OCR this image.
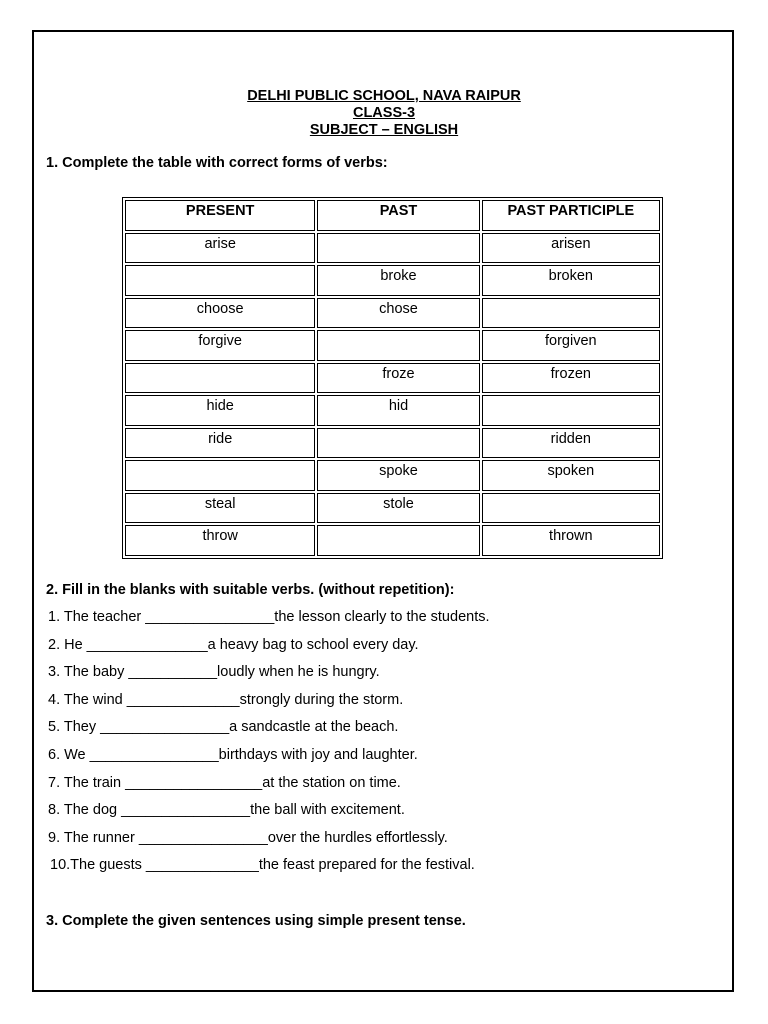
DELHI PUBLIC SCHOOL, NAVA RAIPUR
CLASS-3
SUBJECT – ENGLISH
1. Complete the table with correct forms of verbs:
PRESENT	PAST	PAST PARTICIPLE
arise		arisen
	broke	broken
choose	chose	
forgive		forgiven
	froze	frozen
hide	hid	
ride		ridden
	spoke	spoken
steal	stole	
throw		thrown
2. Fill in the blanks with suitable verbs. (without repetition):
1. The teacher ________________the lesson clearly to the students.
2. He _______________a heavy bag to school every day.
3. The baby ___________loudly when he is hungry.
4. The wind ______________strongly during the storm.
5. They ________________a sandcastle at the beach.
6. We ________________birthdays with joy and laughter.
7. The train _________________at the station on time.
8. The dog ________________the ball with excitement.
9. The runner ________________over the hurdles effortlessly.
10.The guests ______________the feast prepared for the festival.
3. Complete the given sentences using simple present tense.
